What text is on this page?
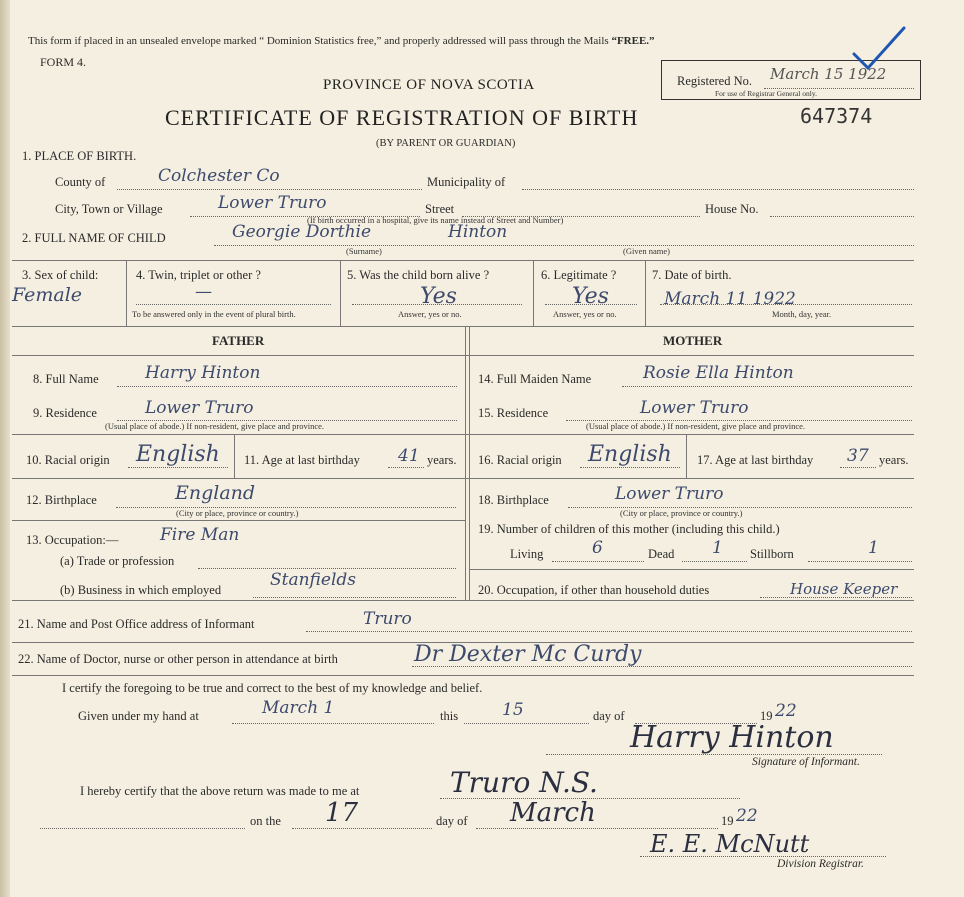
This form if placed in an unsealed envelope marked “ Dominion Statistics free,” and properly addressed will pass through the Mails “FREE.”
FORM 4.
PROVINCE OF NOVA SCOTIA	Registered No. March 15 1922
For use of Registrar General only.
CERTIFICATE OF REGISTRATION OF BIRTH	647374
(BY PARENT OR GUARDIAN)
1. PLACE OF BIRTH.
County of	Colchester Co	Municipality of
City, Town or Village	Lower Truro	Street
(If birth occurred in a hospital, give its name instead of Street and Number)
House No.
2. FULL NAME OF CHILD	Georgie Dorthie	Hinton
(Surname)	(Given name)
3. Sex of child:
Female
4. Twin, triplet or other ?
—
To be answered only in the event of plural birth.
5. Was the child born alive ?
Yes
Answer, yes or no.
6. Legitimate ?
Yes
Answer, yes or no.
7. Date of birth.
March 11 1922
Month, day, year.
FATHER	MOTHER
8. Full Name	Harry Hinton	14. Full Maiden Name	Rosie Ella Hinton
9. Residence	Lower Truro
(Usual place of abode.) If non-resident, give place and province.
15. Residence	Lower Truro
(Usual place of abode.) If non-resident, give place and province.
10. Racial origin English 11. Age at last birthday 41 years. 16. Racial origin English 17. Age at last birthday 37 years.
12. Birthplace	England
(City or place, province or country.)
18. Birthplace	Lower Truro
(City or place, province or country.)
13. Occupation:— Fire Man
(a) Trade or profession
(b) Business in which employed	Stanfields
19. Number of children of this mother (including this child.)
Living	6	Dead 1 Stillborn	1
20. Occupation, if other than household duties	House Keeper
21. Name and Post Office address of Informant	Truro
22. Name of Doctor, nurse or other person in attendance at birth	Dr Dexter Mc Curdy
I certify the foregoing to be true and correct to the best of my knowledge and belief.
Given under my hand at	March 1	this	15	day of	19 22
Harry Hinton
Signature of Informant.
I hereby certify that the above return was made to me at	Truro N.S.
on the 17	day of March	19 22
E. E. McNutt
Division Registrar.
